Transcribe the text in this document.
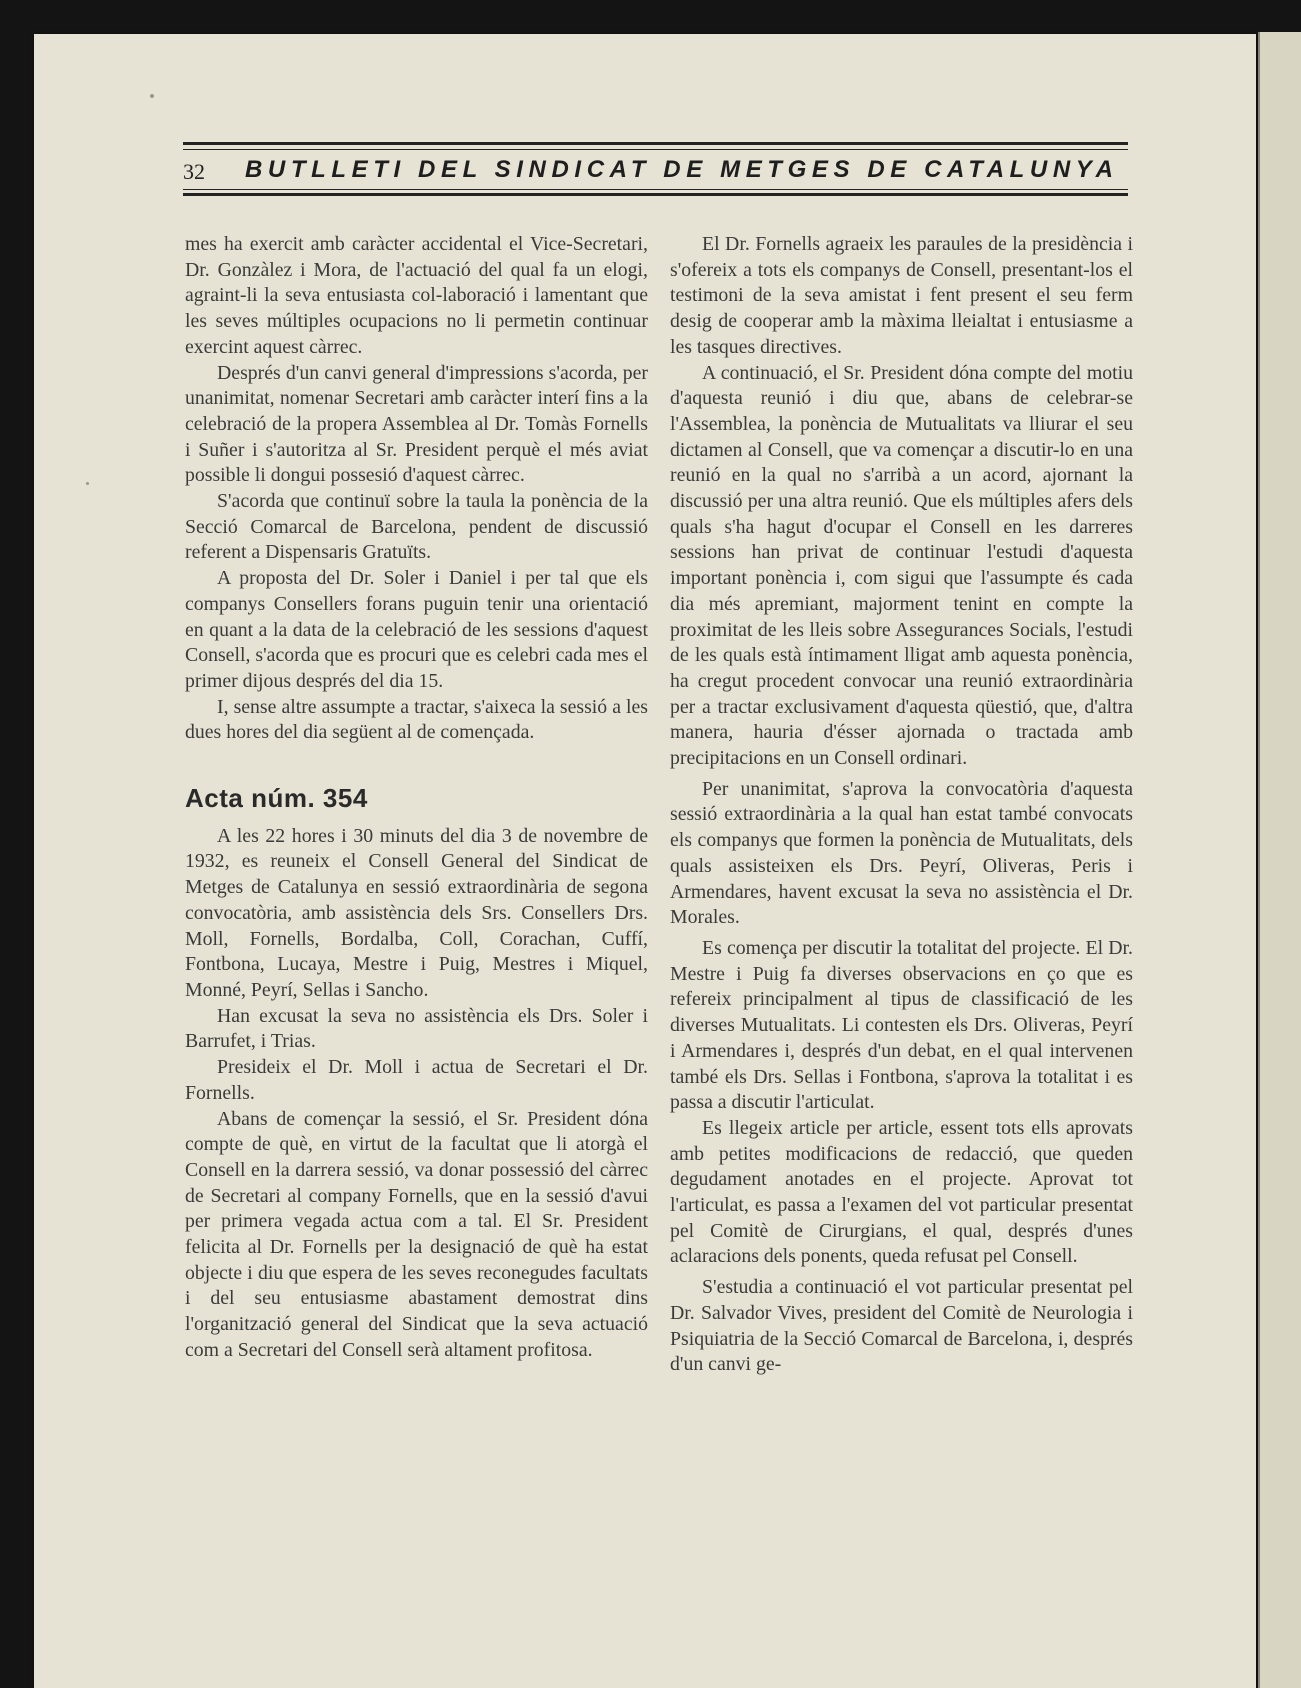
32 BUTLLETI DEL SINDICAT DE METGES DE CATALUNYA

mes ha exercit amb caràcter accidental el Vice-Secretari, Dr. Gonzàlez i Mora, de l'actuació del qual fa un elogi, agraint-li la seva entusiasta col-laboració i lamentant que les seves múltiples ocupacions no li permetin continuar exercint aquest càrrec.

Després d'un canvi general d'impressions s'acorda, per unanimitat, nomenar Secretari amb caràcter interí fins a la celebració de la propera Assemblea al Dr. Tomàs Fornells i Suñer i s'autoritza al Sr. President perquè el més aviat possible li dongui possesió d'aquest càrrec.

S'acorda que continuï sobre la taula la ponència de la Secció Comarcal de Barcelona, pendent de discussió referent a Dispensaris Gratuïts.

A proposta del Dr. Soler i Daniel i per tal que els companys Consellers forans puguin tenir una orientació en quant a la data de la celebració de les sessions d'aquest Consell, s'acorda que es procuri que es celebri cada mes el primer dijous després del dia 15.

I, sense altre assumpte a tractar, s'aixeca la sessió a les dues hores del dia següent al de començada.

Acta núm. 354

A les 22 hores i 30 minuts del dia 3 de novembre de 1932, es reuneix el Consell General del Sindicat de Metges de Catalunya en sessió extraordinària de segona convocatòria, amb assistència dels Srs. Consellers Drs. Moll, Fornells, Bordalba, Coll, Corachan, Cuffí, Fontbona, Lucaya, Mestre i Puig, Mestres i Miquel, Monné, Peyrí, Sellas i Sancho.

Han excusat la seva no assistència els Drs. Soler i Barrufet, i Trias.

Presideix el Dr. Moll i actua de Secretari el Dr. Fornells.

Abans de començar la sessió, el Sr. President dóna compte de què, en virtut de la facultat que li atorgà el Consell en la darrera sessió, va donar possessió del càrrec de Secretari al company Fornells, que en la sessió d'avui per primera vegada actua com a tal. El Sr. President felicita al Dr. Fornells per la designació de què ha estat objecte i diu que espera de les seves reconegudes facultats i del seu entusiasme abastament demostrat dins l'organització general del Sindicat que la seva actuació com a Secretari del Consell serà altament profitosa.

El Dr. Fornells agraeix les paraules de la presidència i s'ofereix a tots els companys de Consell, presentant-los el testimoni de la seva amistat i fent present el seu ferm desig de cooperar amb la màxima lleialtat i entusiasme a les tasques directives.

A continuació, el Sr. President dóna compte del motiu d'aquesta reunió i diu que, abans de celebrar-se l'Assemblea, la ponència de Mutualitats va lliurar el seu dictamen al Consell, que va començar a discutir-lo en una reunió en la qual no s'arribà a un acord, ajornant la discussió per una altra reunió. Que els múltiples afers dels quals s'ha hagut d'ocupar el Consell en les darreres sessions han privat de continuar l'estudi d'aquesta important ponència i, com sigui que l'assumpte és cada dia més apremiant, majorment tenint en compte la proximitat de les lleis sobre Assegurances Socials, l'estudi de les quals està íntimament lligat amb aquesta ponència, ha cregut procedent convocar una reunió extraordinària per a tractar exclusivament d'aquesta qüestió, que, d'altra manera, hauria d'ésser ajornada o tractada amb precipitacions en un Consell ordinari.

Per unanimitat, s'aprova la convocatòria d'aquesta sessió extraordinària a la qual han estat també convocats els companys que formen la ponència de Mutualitats, dels quals assisteixen els Drs. Peyrí, Oliveras, Peris i Armendares, havent excusat la seva no assistència el Dr. Morales.

Es comença per discutir la totalitat del projecte. El Dr. Mestre i Puig fa diverses observacions en ço que es refereix principalment al tipus de classificació de les diverses Mutualitats. Li contesten els Drs. Oliveras, Peyrí i Armendares i, després d'un debat, en el qual intervenen també els Drs. Sellas i Fontbona, s'aprova la totalitat i es passa a discutir l'articulat.

Es llegeix article per article, essent tots ells aprovats amb petites modificacions de redacció, que queden degudament anotades en el projecte. Aprovat tot l'articulat, es passa a l'examen del vot particular presentat pel Comitè de Cirurgians, el qual, després d'unes aclaracions dels ponents, queda refusat pel Consell.

S'estudia a continuació el vot particular presentat pel Dr. Salvador Vives, president del Comitè de Neurologia i Psiquiatria de la Secció Comarcal de Barcelona, i, després d'un canvi ge-
